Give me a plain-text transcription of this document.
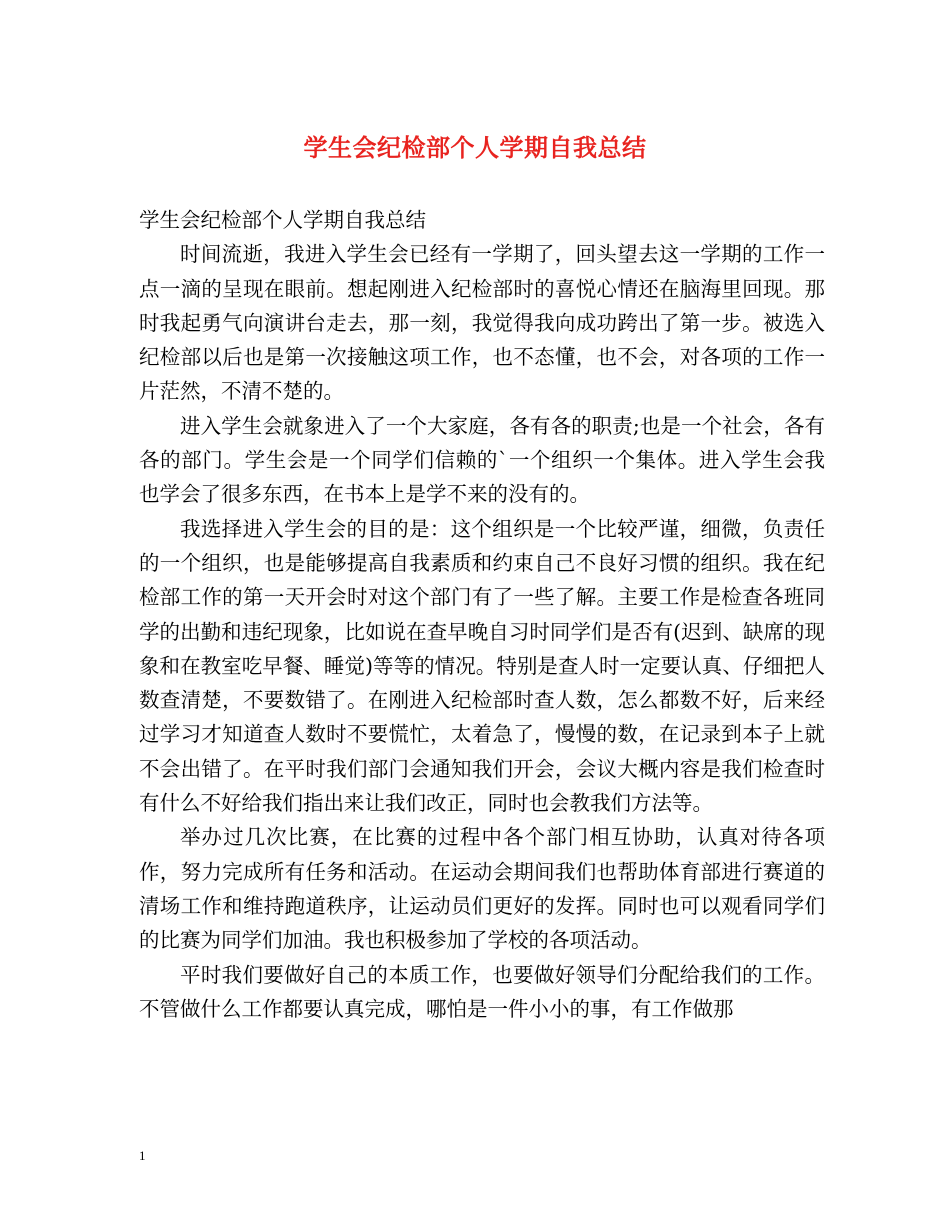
学生会纪检部个人学期自我总结

学生会纪检部个人学期自我总结

时间流逝，我进入学生会已经有一学期了，回头望去这一学期的工作一点一滴的呈现在眼前。想起刚进入纪检部时的喜悦心情还在脑海里回现。那时我起勇气向演讲台走去，那一刻，我觉得我向成功跨出了第一步。被选入纪检部以后也是第一次接触这项工作，也不态懂，也不会，对各项的工作一片茫然，不清不楚的。

进入学生会就象进入了一个大家庭，各有各的职责;也是一个社会，各有各的部门。学生会是一个同学们信赖的`一个组织一个集体。进入学生会我也学会了很多东西，在书本上是学不来的没有的。

我选择进入学生会的目的是：这个组织是一个比较严谨，细微，负责任的一个组织，也是能够提高自我素质和约束自己不良好习惯的组织。我在纪检部工作的第一天开会时对这个部门有了一些了解。主要工作是检查各班同学的出勤和违纪现象，比如说在查早晚自习时同学们是否有(迟到、缺席的现象和在教室吃早餐、睡觉)等等的情况。特别是查人时一定要认真、仔细把人数查清楚，不要数错了。在刚进入纪检部时查人数，怎么都数不好，后来经过学习才知道查人数时不要慌忙，太着急了，慢慢的数，在记录到本子上就不会出错了。在平时我们部门会通知我们开会，会议大概内容是我们检查时有什么不好给我们指出来让我们改正，同时也会教我们方法等。

举办过几次比赛，在比赛的过程中各个部门相互协助，认真对待各项作，努力完成所有任务和活动。在运动会期间我们也帮助体育部进行赛道的清场工作和维持跑道秩序，让运动员们更好的发挥。同时也可以观看同学们的比赛为同学们加油。我也积极参加了学校的各项活动。

平时我们要做好自己的本质工作，也要做好领导们分配给我们的工作。不管做什么工作都要认真完成，哪怕是一件小小的事，有工作做那

1
